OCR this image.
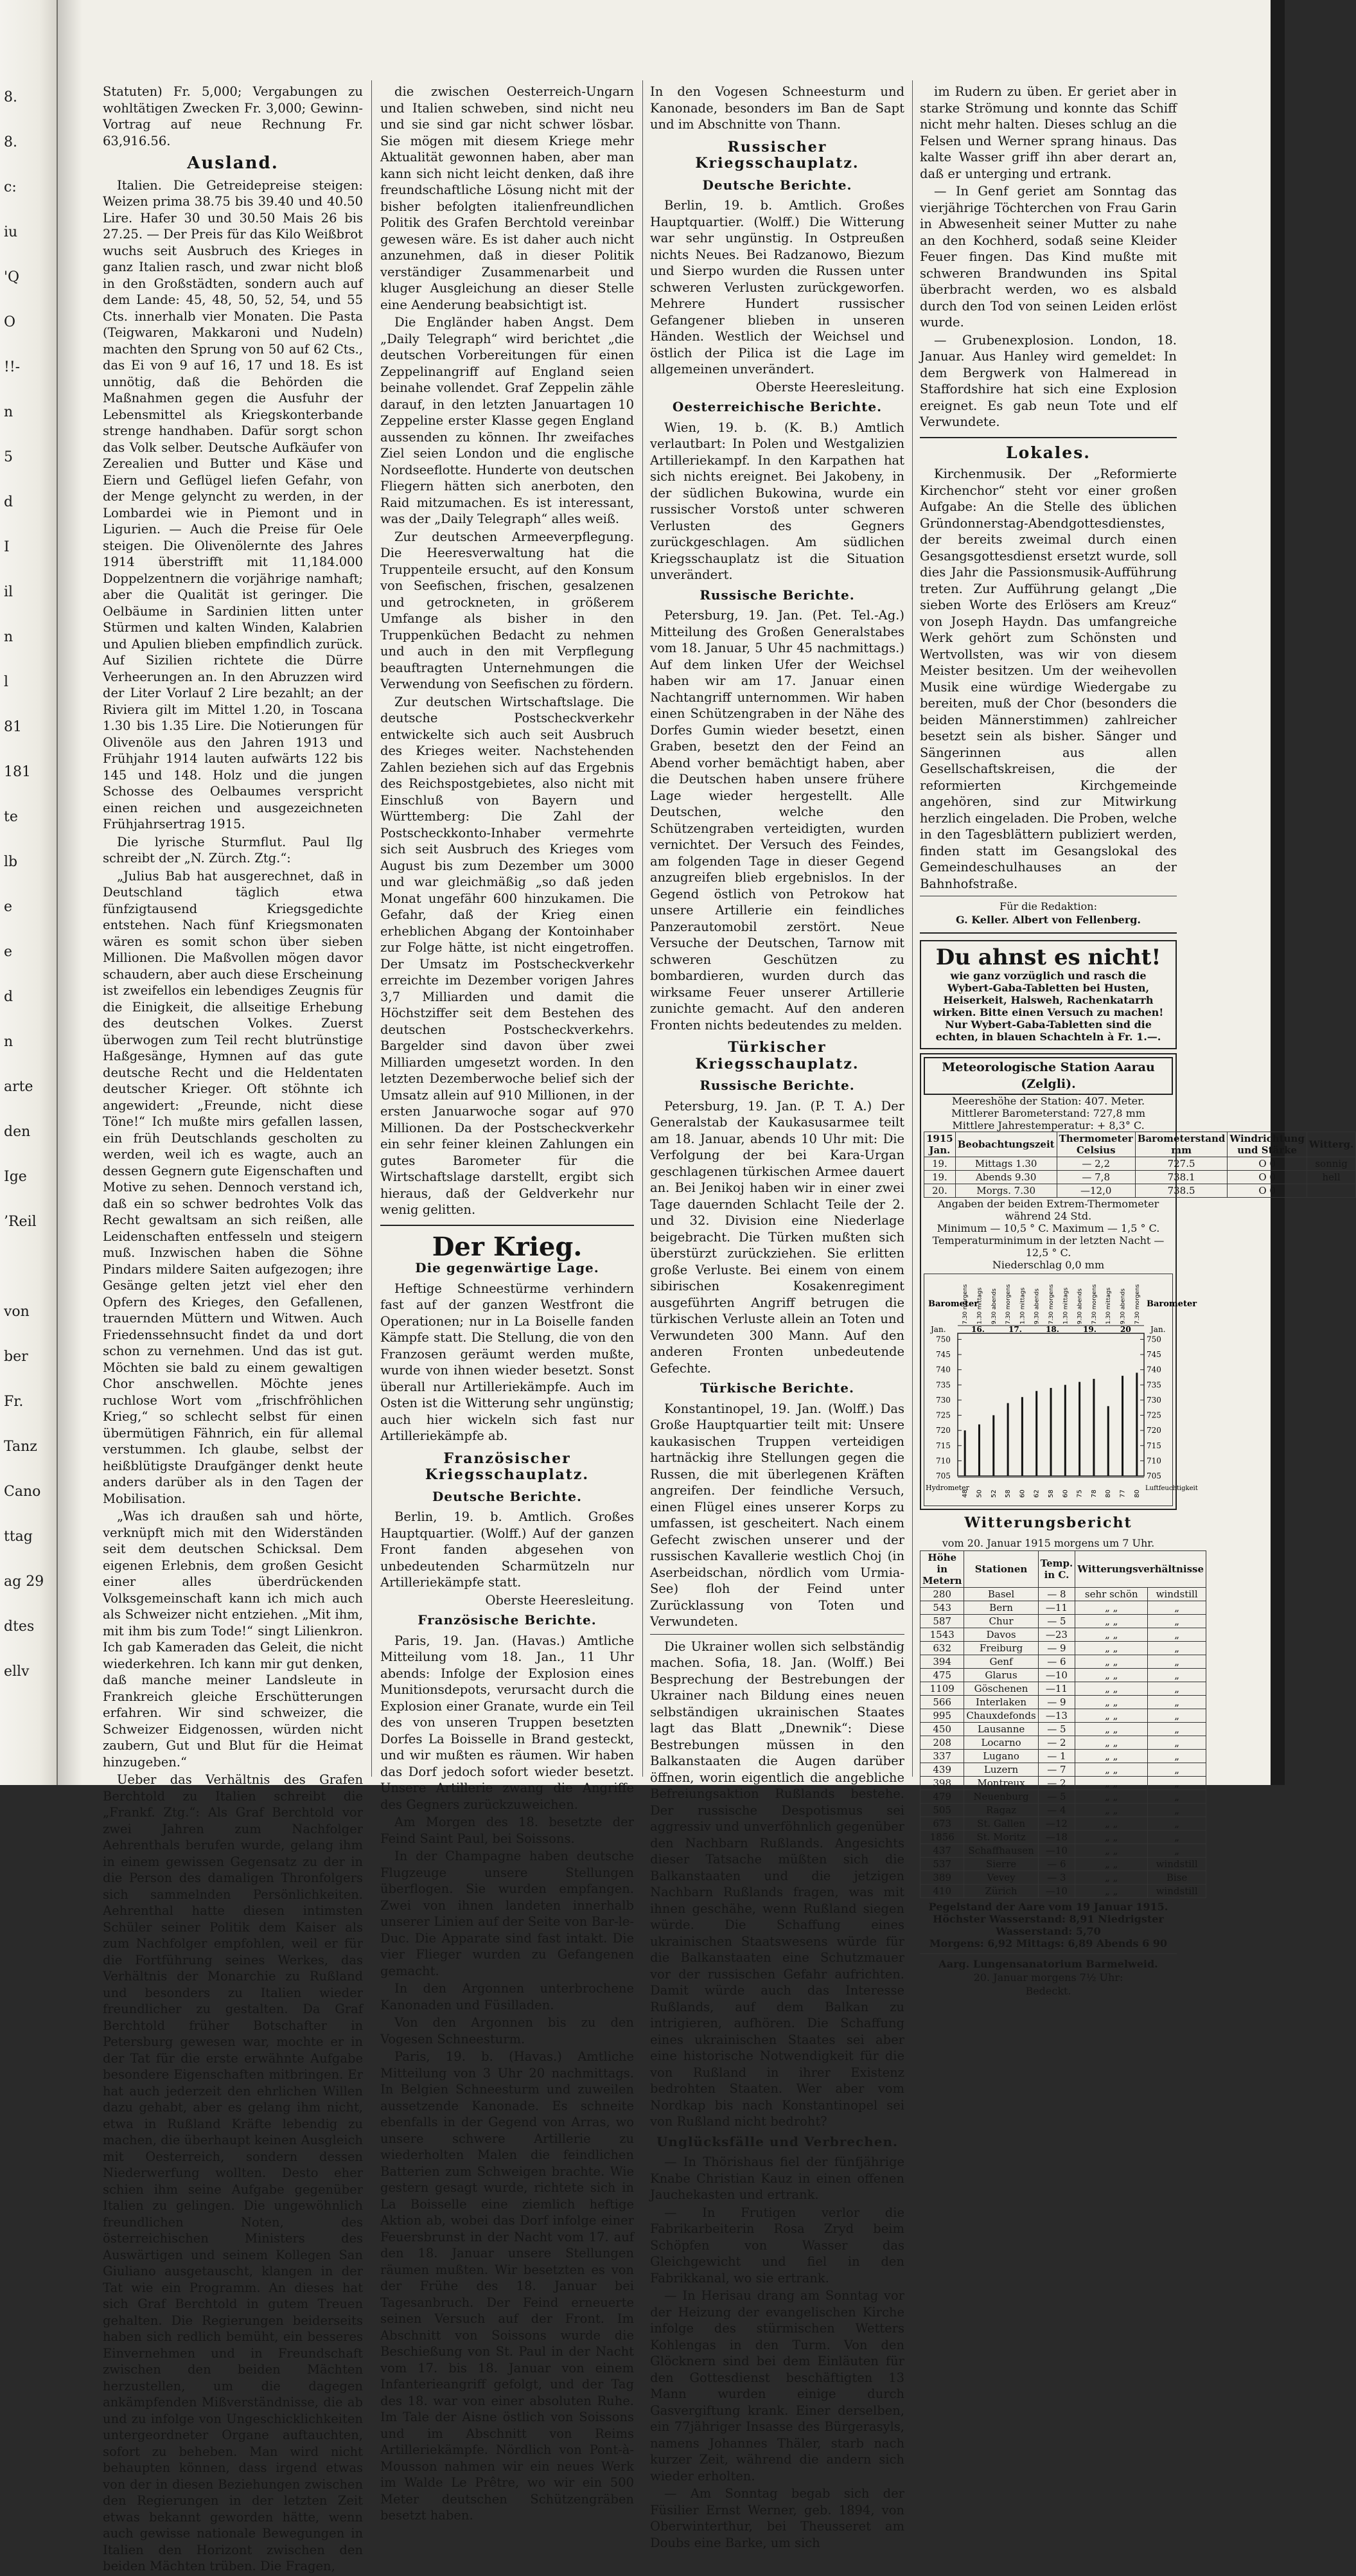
8.
8.
c:
iu
'Q
O
!!-
n
5
d
I
il
n
l
81
181
te
lb
e
e
d
n
arte
den
Ige
’Reil
von
ber
Fr.
Tanz
Cano
ttag
ag 29
dtes
ellv

Statuten) Fr. 5,000; Vergabungen zu wohltätigen Zwecken Fr. 3,000; Gewinn-Vortrag auf neue Rechnung Fr. 63,916.56.

Ausland.

Italien. Die Getreidepreise steigen: Weizen prima 38.75 bis 39.40 und 40.50 Lire. Hafer 30 und 30.50 Mais 26 bis 27.25. — Der Preis für das Kilo Weißbrot wuchs seit Ausbruch des Krieges in ganz Italien rasch, und zwar nicht bloß in den Großstädten, sondern auch auf dem Lande: 45, 48, 50, 52, 54, und 55 Cts. innerhalb vier Monaten. Die Pasta (Teigwaren, Makkaroni und Nudeln) machten den Sprung von 50 auf 62 Cts., das Ei von 9 auf 16, 17 und 18. Es ist unnötig, daß die Behörden die Maßnahmen gegen die Ausfuhr der Lebensmittel als Kriegskonterbande strenge handhaben. Dafür sorgt schon das Volk selber. Deutsche Aufkäufer von Zerealien und Butter und Käse und Eiern und Geflügel liefen Gefahr, von der Menge gelyncht zu werden, in der Lombardei wie in Piemont und in Ligurien. — Auch die Preise für Oele steigen. Die Olivenölernte des Jahres 1914 überstrifft mit 11,184.000 Doppelzentnern die vorjährige namhaft; aber die Qualität ist geringer. Die Oelbäume in Sardinien litten unter Stürmen und kalten Winden, Kalabrien und Apulien blieben empfindlich zurück. Auf Sizilien richtete die Dürre Verheerungen an. In den Abruzzen wird der Liter Vorlauf 2 Lire bezahlt; an der Riviera gilt im Mittel 1.20, in Toscana 1.30 bis 1.35 Lire. Die Notierungen für Olivenöle aus den Jahren 1913 und Frühjahr 1914 lauten aufwärts 122 bis 145 und 148. Holz und die jungen Schosse des Oelbaumes verspricht einen reichen und ausgezeichneten Frühjahrsertrag 1915.

Die lyrische Sturmflut. Paul Ilg schreibt der „N. Zürch. Ztg.“:

„Julius Bab hat ausgerechnet, daß in Deutschland täglich etwa fünfzigtausend Kriegsgedichte entstehen. Nach fünf Kriegsmonaten wären es somit schon über sieben Millionen. Die Maßvollen mögen davor schaudern, aber auch diese Erscheinung ist zweifellos ein lebendiges Zeugnis für die Einigkeit, die allseitige Erhebung des deutschen Volkes. Zuerst überwogen zum Teil recht blutrünstige Haßgesänge, Hymnen auf das gute deutsche Recht und die Heldentaten deutscher Krieger. Oft stöhnte ich angewidert: „Freunde, nicht diese Töne!“ Ich mußte mirs gefallen lassen, ein früh Deutschlands gescholten zu werden, weil ich es wagte, auch an dessen Gegnern gute Eigenschaften und Motive zu sehen. Dennoch verstand ich, daß ein so schwer bedrohtes Volk das Recht gewaltsam an sich reißen, alle Leidenschaften entfesseln und steigern muß. Inzwischen haben die Söhne Pindars mildere Saiten aufgezogen; ihre Gesänge gelten jetzt viel eher den Opfern des Krieges, den Gefallenen, trauernden Müttern und Witwen. Auch Friedenssehnsucht findet da und dort schon zu vernehmen. Und das ist gut. Möchten sie bald zu einem gewaltigen Chor anschwellen. Möchte jenes ruchlose Wort vom „frischfröhlichen Krieg,“ so schlecht selbst für einen übermütigen Fähnrich, ein für allemal verstummen. Ich glaube, selbst der heißblütigste Draufgänger denkt heute anders darüber als in den Tagen der Mobilisation.

„Was ich draußen sah und hörte, verknüpft mich mit den Widerständen seit dem deutschen Schicksal. Dem eigenen Erlebnis, dem großen Gesicht einer alles überdrückenden Volksgemeinschaft kann ich mich auch als Schweizer nicht entziehen. „Mit ihm, mit ihm bis zum Tode!“ singt Lilienkron. Ich gab Kameraden das Geleit, die nicht wiederkehren. Ich kann mir gut denken, daß manche meiner Landsleute in Frankreich gleiche Erschütterungen erfahren. Wir sind schweizer, die Schweizer Eidgenossen, würden nicht zaubern, Gut und Blut für die Heimat hinzugeben.“

Ueber das Verhältnis des Grafen Berchtold zu Italien schreibt die „Frankf. Ztg.“: Als Graf Berchtold vor zwei Jahren zum Nachfolger Aehrenthals berufen wurde, gelang ihm in einem gewissen Gegensatz zu der in die Person des damaligen Thronfolgers sich sammelnden Persönlichkeiten. Aehrenthal hatte diesen intimsten Schüler seiner Politik dem Kaiser als zum Nachfolger empfohlen, weil er für die Fortführung seines Werkes, das Verhältnis der Monarchie zu Rußland und besonders zu Italien wieder freundlicher zu gestalten. Da Graf Berchtold früher Botschafter in Petersburg gewesen war, mochte er in der Tat für die erste erwähnte Aufgabe besondere Eigenschaften mitbringen. Er hat auch jederzeit den ehrlichen Willen dazu gehabt, aber es gelang ihm nicht, etwa in Rußland Kräfte lebendig zu machen, die überhaupt keinen Ausgleich mit Oesterreich, sondern dessen Niederwerfung wollten. Desto eher schien ihm seine Aufgabe gegenüber Italien zu gelingen. Die ungewöhnlich freundlichen Noten, des österreichischen Ministers des Auswärtigen und seinem Kollegen San Giuliano ausgetauscht, klangen in der Tat wie ein Programm. An dieses hat sich Graf Berchtold in gutem Treuen gehalten. Die Regierungen beiderseits haben sich redlich bemüht, ein besseres Einvernehmen und in Freundschaft zwischen den beiden Mächten herzustellen, um die dagegen ankämpfenden Mißverständnisse, die ab und zu infolge von Ungeschicklichkeiten untergeordneter Organe auftauchten, sofort zu beheben. Man wird nicht behaupten können, dass irgend etwas von der in diesen Beziehungen zwischen den Regierungen in der letzten Zeit etwas bekannt geworden hätte, wenn auch gewisse nationale Bewegungen in Italien den Horizont zwischen den beiden Mächten trüben. Die Fragen,

die zwischen Oesterreich-Ungarn und Italien schweben, sind nicht neu und sie sind gar nicht schwer lösbar. Sie mögen mit diesem Kriege mehr Aktualität gewonnen haben, aber man kann sich nicht leicht denken, daß ihre freundschaftliche Lösung nicht mit der bisher befolgten italienfreundlichen Politik des Grafen Berchtold vereinbar gewesen wäre. Es ist daher auch nicht anzunehmen, daß in dieser Politik verständiger Zusammenarbeit und kluger Ausgleichung an dieser Stelle eine Aenderung beabsichtigt ist.

Die Engländer haben Angst. Dem „Daily Telegraph“ wird berichtet „die deutschen Vorbereitungen für einen Zeppelinangriff auf England seien beinahe vollendet. Graf Zeppelin zähle darauf, in den letzten Januartagen 10 Zeppeline erster Klasse gegen England aussenden zu können. Ihr zweifaches Ziel seien London und die englische Nordseeflotte. Hunderte von deutschen Fliegern hätten sich anerboten, den Raid mitzumachen. Es ist interessant, was der „Daily Telegraph“ alles weiß.

Zur deutschen Armeeverpflegung. Die Heeresverwaltung hat die Truppenteile ersucht, auf den Konsum von Seefischen, frischen, gesalzenen und getrockneten, in größerem Umfange als bisher in den Truppenküchen Bedacht zu nehmen und auch in den mit Verpflegung beauftragten Unternehmungen die Verwendung von Seefischen zu fördern.

Zur deutschen Wirtschaftslage. Die deutsche Postscheckverkehr entwickelte sich auch seit Ausbruch des Krieges weiter. Nachstehenden Zahlen beziehen sich auf das Ergebnis des Reichspostgebietes, also nicht mit Einschluß von Bayern und Württemberg: Die Zahl der Postscheckkonto-Inhaber vermehrte sich seit Ausbruch des Krieges vom August bis zum Dezember um 3000 und war gleichmäßig „so daß jeden Monat ungefähr 600 hinzukamen. Die Gefahr, daß der Krieg einen erheblichen Abgang der Kontoinhaber zur Folge hätte, ist nicht eingetroffen. Der Umsatz im Postscheckverkehr erreichte im Dezember vorigen Jahres 3,7 Milliarden und damit die Höchstziffer seit dem Bestehen des deutschen Postscheckverkehrs. Bargelder sind davon über zwei Milliarden umgesetzt worden. In den letzten Dezemberwoche belief sich der Umsatz allein auf 910 Millionen, in der ersten Januarwoche sogar auf 970 Millionen. Da der Postscheckverkehr ein sehr feiner kleinen Zahlungen ein gutes Barometer für die Wirtschaftslage darstellt, ergibt sich hieraus, daß der Geldverkehr nur wenig gelitten.

Der Krieg.
Die gegenwärtige Lage.

Heftige Schneestürme verhindern fast auf der ganzen Westfront die Operationen; nur in La Boiselle fanden Kämpfe statt. Die Stellung, die von den Franzosen geräumt werden mußte, wurde von ihnen wieder besetzt. Sonst überall nur Artilleriekämpfe. Auch im Osten ist die Witterung sehr ungünstig; auch hier wickeln sich fast nur Artilleriekämpfe ab.

Französischer Kriegsschauplatz.
Deutsche Berichte.

Berlin, 19. b. Amtlich. Großes Hauptquartier. (Wolff.) Auf der ganzen Front fanden abgesehen von unbedeutenden Scharmützeln nur Artilleriekämpfe statt.

Oberste Heeresleitung.

Französische Berichte.

Paris, 19. Jan. (Havas.) Amtliche Mitteilung vom 18. Jan., 11 Uhr abends: Infolge der Explosion eines Munitionsdepots, verursacht durch die Explosion einer Granate, wurde ein Teil des von unseren Truppen besetzten Dorfes La Boisselle in Brand gesteckt, und wir mußten es räumen. Wir haben das Dorf jedoch sofort wieder besetzt. Unsere Artillerie zwang die Angriffe des Gegners zurückzuweichen.

Am Morgen des 18. besetzte der Feind Saint Paul, bei Soissons.

In der Champagne haben deutsche Flugzeuge unsere Stellungen überflogen. Sie wurden empfangen. Zwei von ihnen landeten innerhalb unserer Linien auf der Seite von Bar-le-Duc. Die Apparate sind fast intakt. Die vier Flieger wurden zu Gefangenen gemacht.

In den Argonnen unterbrochene Kanonaden und Füsilladen.

Von den Argonnen bis zu den Vogesen Schneesturm.

Paris, 19. b. (Havas.) Amtliche Mitteilung von 3 Uhr 20 nachmittags. In Belgien Schneesturm und zuweilen aussetzende Kanonade. Es schneite ebenfalls in der Gegend von Arras, wo unsere schwere Artillerie zu wiederholten Malen die feindlichen Batterien zum Schweigen brachte. Wie gestern gesagt wurde, richtete sich in La Boisselle eine ziemlich heftige Aktion ab, wobei das Dorf infolge einer Feuersbrunst in der Nacht vom 17. auf den 18. Januar unsere Stellungen räumen mußten. Wir besetzten es von der Frühe des 18. Januar bei Tagesanbruch. Der Feind erneuerte seinen Versuch auf der Front. Im Abschnitt von Soissons wurde die Beschießung von St. Paul in der Nacht vom 17. bis 18. Januar von einem Infanterieangriff gefolgt, und der Tag des 18. war von einer absoluten Ruhe. Im Tale der Aisne östlich von Soissons und im Abschnitt von Reims Artilleriekämpfe. Nördlich von Pont-à-Mousson nahmen wir ein neues Werk im Walde Le Prêtre, wo wir ein 500 Meter deutschen Schützengräben besetzt haben.

In den Vogesen Schneesturm und Kanonade, besonders im Ban de Sapt und im Abschnitte von Thann.

Russischer Kriegsschauplatz.
Deutsche Berichte.

Berlin, 19. b. Amtlich. Großes Hauptquartier. (Wolff.) Die Witterung war sehr ungünstig. In Ostpreußen nichts Neues. Bei Radzanowo, Biezum und Sierpo wurden die Russen unter schweren Verlusten zurückgeworfen. Mehrere Hundert russischer Gefangener blieben in unseren Händen. Westlich der Weichsel und östlich der Pilica ist die Lage im allgemeinen unverändert.

Oberste Heeresleitung.

Oesterreichische Berichte.

Wien, 19. b. (K. B.) Amtlich verlautbart: In Polen und Westgalizien Artilleriekampf. In den Karpathen hat sich nichts ereignet. Bei Jakobeny, in der südlichen Bukowina, wurde ein russischer Vorstoß unter schweren Verlusten des Gegners zurückgeschlagen. Am südlichen Kriegsschauplatz ist die Situation unverändert.

Russische Berichte.

Petersburg, 19. Jan. (Pet. Tel.-Ag.) Mitteilung des Großen Generalstabes vom 18. Januar, 5 Uhr 45 nachmittags.) Auf dem linken Ufer der Weichsel haben wir am 17. Januar einen Nachtangriff unternommen. Wir haben einen Schützengraben in der Nähe des Dorfes Gumin wieder besetzt, einen Graben, besetzt den der Feind an Abend vorher bemächtigt haben, aber die Deutschen haben unsere frühere Lage wieder hergestellt. Alle Deutschen, welche den Schützengraben verteidigten, wurden vernichtet. Der Versuch des Feindes, am folgenden Tage in dieser Gegend anzugreifen blieb ergebnislos. In der Gegend östlich von Petrokow hat unsere Artillerie ein feindliches Panzerautomobil zerstört. Neue Versuche der Deutschen, Tarnow mit schweren Geschützen zu bombardieren, wurden durch das wirksame Feuer unserer Artillerie zunichte gemacht. Auf den anderen Fronten nichts bedeutendes zu melden.

Türkischer Kriegsschauplatz.
Russische Berichte.

Petersburg, 19. Jan. (P. T. A.) Der Generalstab der Kaukasusarmee teilt am 18. Januar, abends 10 Uhr mit: Die Verfolgung der bei Kara-Urgan geschlagenen türkischen Armee dauert an. Bei Jenikoj haben wir in einer zwei Tage dauernden Schlacht Teile der 2. und 32. Division eine Niederlage beigebracht. Die Türken mußten sich überstürzt zurückziehen. Sie erlitten große Verluste. Bei einem von einem sibirischen Kosakenregiment ausgeführten Angriff betrugen die türkischen Verluste allein an Toten und Verwundeten 300 Mann. Auf den anderen Fronten unbedeutende Gefechte.

Türkische Berichte.

Konstantinopel, 19. Jan. (Wolff.) Das Große Hauptquartier teilt mit: Unsere kaukasischen Truppen verteidigen hartnäckig ihre Stellungen gegen die Russen, die mit überlegenen Kräften angreifen. Der feindliche Versuch, einen Flügel eines unserer Korps zu umfassen, ist gescheitert. Nach einem Gefecht zwischen unserer und der russischen Kavallerie westlich Choj (in Aserbeidschan, nördlich vom Urmia-See) floh der Feind unter Zurücklassung von Toten und Verwundeten.

Die Ukrainer wollen sich selbständig machen. Sofia, 18. Jan. (Wolff.) Bei Besprechung der Bestrebungen der Ukrainer nach Bildung eines neuen selbständigen ukrainischen Staates lagt das Blatt „Dnewnik“: Diese Bestrebungen müssen in den Balkanstaaten die Augen darüber öffnen, worin eigentlich die angebliche Befreiungsaktion Rußlands bestehe. Der russische Despotismus sei aggressiv und unverföhnlich gegenüber den Nachbarn Rußlands. Angesichts dieser Tatsache müßten sich die Balkanstaaten und die jetzigen Nachbarn Rußlands fragen, was mit ihnen geschähe, wenn Rußland siegen würde. Die Schaffung eines ukrainischen Staatswesens würde für die Balkanstaaten eine Schutzmauer vor der russischen Gefahr aufrichten. Damit würde auch das Interesse Rußlands, auf dem Balkan zu intrigieren, aufhören. Die Schaffung eines ukrainischen Staates sei aber eine historische Notwendigkeit für die von Rußland in ihrer Existenz bedrohten Staaten. Wer aber vom Nordkap bis nach Konstantinopel sei von Rußland nicht bedroht?

Unglücksfälle und Verbrechen.

— In Thörishaus fiel der fünfjährige Knabe Christian Kauz in einen offenen Jauchekasten und ertrank.

— In Frutigen verlor die Fabrikarbeiterin Rosa Zryd beim Schöpfen von Wasser das Gleichgewicht und fiel in den Fabrikkanal, wo sie ertrank.

— In Herisau drang am Sonntag vor der Heizung der evangelischen Kirche infolge des stürmischen Wetters Kohlengas in den Turm. Von den Glöcknern sind bei dem Einläuten für den Gottesdienst beschäftigten 13 Mann wurden einige durch Gasvergiftung krank. Einer derselben, ein 77jähriger Insasse des Bürgerasyls, namens Johannes Thäler, starb nach kurzer Zeit, während die andern sich wieder erholten.

— Am Sonntag begab sich der Füsilier Ernst Werner, geb. 1894, von Oberwinterthur, bei Theusseret am Doubs eine Barke, um sich

im Rudern zu üben. Er geriet aber in starke Strömung und konnte das Schiff nicht mehr halten. Dieses schlug an die Felsen und Werner sprang hinaus. Das kalte Wasser griff ihn aber derart an, daß er unterging und ertrank.

— In Genf geriet am Sonntag das vierjährige Töchterchen von Frau Garin in Abwesenheit seiner Mutter zu nahe an den Kochherd, sodaß seine Kleider Feuer fingen. Das Kind mußte mit schweren Brandwunden ins Spital überbracht werden, wo es alsbald durch den Tod von seinen Leiden erlöst wurde.

— Grubenexplosion. London, 18. Januar. Aus Hanley wird gemeldet: In dem Bergwerk von Halmeread in Staffordshire hat sich eine Explosion ereignet. Es gab neun Tote und elf Verwundete.

Lokales.

Kirchenmusik. Der „Reformierte Kirchenchor“ steht vor einer großen Aufgabe: An die Stelle des üblichen Gründonnerstag-Abendgottesdienstes, der bereits zweimal durch einen Gesangsgottesdienst ersetzt wurde, soll dies Jahr die Passionsmusik-Aufführung treten. Zur Aufführung gelangt „Die sieben Worte des Erlösers am Kreuz“ von Joseph Haydn. Das umfangreiche Werk gehört zum Schönsten und Wertvollsten, was wir von diesem Meister besitzen. Um der weihevollen Musik eine würdige Wiedergabe zu bereiten, muß der Chor (besonders die beiden Männerstimmen) zahlreicher besetzt sein als bisher. Sänger und Sängerinnen aus allen Gesellschaftskreisen, die der reformierten Kirchgemeinde angehören, sind zur Mitwirkung herzlich eingeladen. Die Proben, welche in den Tagesblättern publiziert werden, finden statt im Gesangslokal des Gemeindeschulhauses an der Bahnhofstraße.

Für die Redaktion:

G. Keller. Albert von Fellenberg.

Du ahnst es nicht!

wie ganz vorzüglich und rasch die Wybert-Gaba-Tabletten bei Husten, Heiserkeit, Halsweh, Rachenkatarrh wirken. Bitte einen Versuch zu machen! Nur Wybert-Gaba-Tabletten sind die echten, in blauen Schachteln à Fr. 1.—.

Meteorologische Station Aarau (Zelgli).
Meereshöhe der Station: 407. Meter.
Mittlerer Barometerstand: 727,8 mm
Mittlere Jahrestemperatur: + 8,3° C.
1915 Jan.	Beobachtungszeit	Thermometer Celsius	Barometerstand mm	Windrichtung und Stärke	Witterg.
19.	Mittags 1.30	— 2,2	727.5	O 0	sonnig
19.	Abends 9.30	— 7,8	738.1	O 0	hell
20.	Morgs. 7.30	—12,0	738.5	O 0	
Angaben der beiden Extrem-Thermometer während 24 Std.
Minimum — 10,5 ° C. Maximum — 1,5 ° C.
Temperaturminimum in der letzten Nacht — 12,5 ° C.
Niederschlag 0,0 mm
Barometer	Barometer
7.30 morgens 1.30 mittags 9.30 abends 7.30 morgens 1.30 mittags 9.30 abends 7.30 morgens 1.30 mittags 9.30 abends 7.30 morgens 1.30 mittags 9.30 abends 7.30 morgens
Jan.	Jan.
16.	17.	18.	19.	20
750	750
745	745
740	740
735	735
730	730
725	725
720	720
715	715
710	710
705	705
Hydrometer	Luftfeuchtigkeit
48 50 52 58 60 62 58 60 75 78 80 77 80
Witterungsbericht

vom 20. Januar 1915 morgens um 7 Uhr.

Höhe in Metern	Stationen	Temp. in C.	Witterungsverhältnisse	
280	Basel	— 8	sehr schön	windstill
543	Bern	—11	„ „	„
587	Chur	— 5	„ „	„
1543	Davos	—23	„ „	„
632	Freiburg	— 9	„ „	„
394	Genf	— 6	„ „	„
475	Glarus	—10	„ „	„
1109	Göschenen	—11	„ „	„
566	Interlaken	— 9	„ „	„
995	Chauxdefonds	—13	„ „	„
450	Lausanne	— 5	„ „	„
208	Locarno	— 2	„ „	„
337	Lugano	— 1	„ „	„
439	Luzern	— 7	„ „	„
398	Montreux	— 2	„ „	„
479	Neuenburg	— 5	„ „	„
505	Ragaz	— 4	„ „	„
673	St. Gallen	—12	„ „	„
1856	St. Moritz	—18	„ „	„
437	Schaffhausen	—10	„ „	„
537	Sierre	— 6	„ „	windstill
389	Vevey	— 3	„ „	Bise
410	Zürich	—10	„ „	windstill
Pegelstand der Aare vom 19 Januar 1915.
Höchster Wasserstand: 8,91 Niedrigster Wasserstand: 5,70
Morgens: 6,92 Mittags: 6,89 Abends 6 90

Aarg. Lungensanatorium Barmelweid.

20. Januar morgens 7½ Uhr:

Bedeckt.
